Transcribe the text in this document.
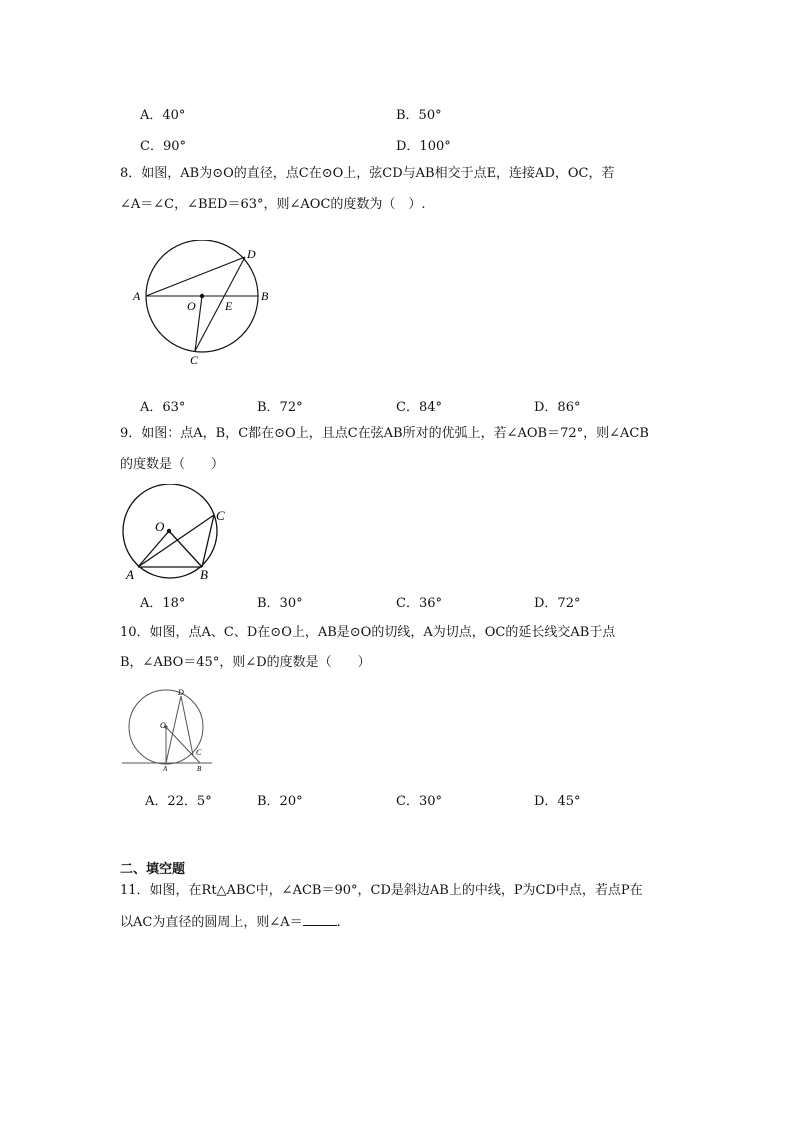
A．40°	B．50°
C．90°	D．100°
8．如图，AB为⊙O的直径，点C在⊙O上，弦CD与AB相交于点E，连接AD，OC，若
∠A＝∠C，∠BED＝63°，则∠AOC的度数为（　）.
A	B
D
O E
C
A．63°	B．72°	C．84°	D．86°
9．如图：点A，B，C都在⊙O上，且点C在弦AB所对的优弧上，若∠AOB＝72°，则∠ACB
的度数是（　　）
O
C
A	B
A．18°	B．30°	C．36°	D．72°
10．如图，点A、C、D在⊙O上，AB是⊙O的切线，A为切点，OC的延长线交AB于点
B，∠ABO＝45°，则∠D的度数是（　　）
D
O
C
A	B
A．22．5°	B．20°	C．30°	D．45°
二、填空题
11．如图，在Rt△ABC中，∠ACB＝90°，CD是斜边AB上的中线，P为CD中点，若点P在
以AC为直径的圆周上，则∠A＝	.
